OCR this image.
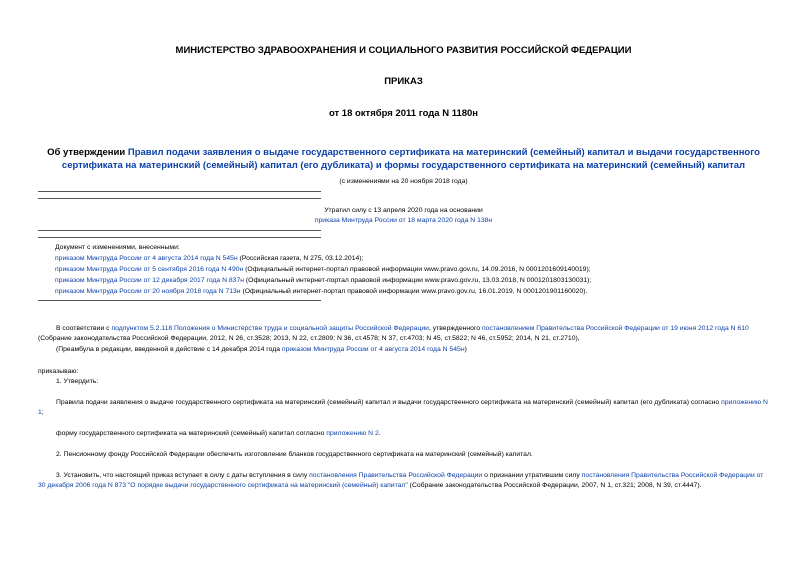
МИНИСТЕРСТВО ЗДРАВООХРАНЕНИЯ И СОЦИАЛЬНОГО РАЗВИТИЯ РОССИЙСКОЙ ФЕДЕРАЦИИ
ПРИКАЗ
от 18 октября 2011 года N 1180н
Об утверждении Правил подачи заявления о выдаче государственного сертификата на материнский (семейный) капитал и выдачи государственного сертификата на материнский (семейный) капитал (его дубликата) и формы государственного сертификата на материнский (семейный) капитал
(с изменениями на 20 ноября 2018 года)
Утратил силу с 13 апреля 2020 года на основании
приказа Минтруда России от 18 марта 2020 года N 138н
Документ с изменениями, внесенными:
приказом Минтруда России от 4 августа 2014 года N 545н (Российская газета, N 275, 03.12.2014);
приказом Минтруда России от 5 сентября 2016 года N 490н (Официальный интернет-портал правовой информации www.pravo.gov.ru, 14.09.2016, N 0001201609140019);
приказом Минтруда России от 12 декабря 2017 года N 837н (Официальный интернет-портал правовой информации www.pravo.gov.ru, 13.03.2018, N 0001201803130031);
приказом Минтруда России от 20 ноября 2018 года N 713н (Официальный интернет-портал правовой информации www.pravo.gov.ru, 16.01.2019, N 0001201901160020).
В соответствии с подпунктом 5.2.118 Положения о Министерстве труда и социальной защиты Российской Федерации, утвержденного постановлением Правительства Российской Федерации от 19 июня 2012 года N 610 (Собрание законодательства Российской Федерации, 2012, N 26, ст.3528; 2013, N 22, ст.2809; N 36, ст.4578; N 37, ст.4703; N 45, ст.5822; N 46, ст.5952; 2014, N 21, ст.2710),
(Преамбула в редакции, введенной в действие с 14 декабря 2014 года приказом Минтруда России от 4 августа 2014 года N 545н)
приказываю:
1. Утвердить:
Правила подачи заявления о выдаче государственного сертификата на материнский (семейный) капитал и выдачи государственного сертификата на материнский (семейный) капитал (его дубликата) согласно приложению N 1;
форму государственного сертификата на материнский (семейный) капитал согласно приложению N 2.
2. Пенсионному фонду Российской Федерации обеспечить изготовление бланков государственного сертификата на материнский (семейный) капитал.
3. Установить, что настоящий приказ вступает в силу с даты вступления в силу постановления Правительства Российской Федерации о признании утратившим силу постановления Правительства Российской Федерации от 30 декабря 2006 года N 873 "О порядке выдачи государственного сертификата на материнский (семейный) капитал" (Собрание законодательства Российской Федерации, 2007, N 1, ст.321; 2008, N 39, ст.4447).
